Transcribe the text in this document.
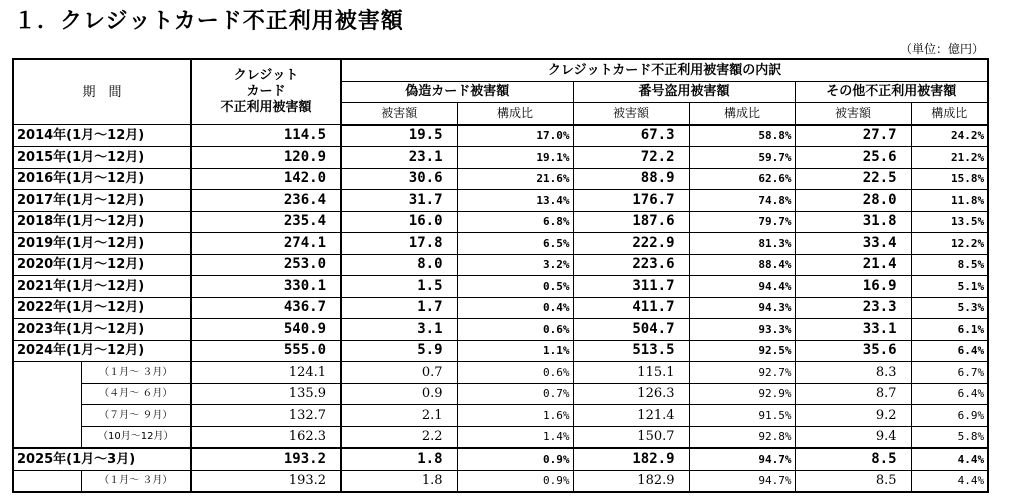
１．クレジットカード不正利用被害額
（単位：億円）
期　間		クレジット
カード
不正利用被害額	クレジットカード不正利用被害額の内訳					
			偽造カード被害額		番号盗用被害額		その他不正利用被害額	
			被害額	構成比	被害額	構成比	被害額	構成比
2014年(1月～12月)		114.5	19.5	17.0%	67.3	58.8%	27.7	24.2%
2015年(1月～12月)		120.9	23.1	19.1%	72.2	59.7%	25.6	21.2%
2016年(1月～12月)		142.0	30.6	21.6%	88.9	62.6%	22.5	15.8%
2017年(1月～12月)		236.4	31.7	13.4%	176.7	74.8%	28.0	11.8%
2018年(1月～12月)		235.4	16.0	6.8%	187.6	79.7%	31.8	13.5%
2019年(1月～12月)		274.1	17.8	6.5%	222.9	81.3%	33.4	12.2%
2020年(1月～12月)		253.0	8.0	3.2%	223.6	88.4%	21.4	8.5%
2021年(1月～12月)		330.1	1.5	0.5%	311.7	94.4%	16.9	5.1%
2022年(1月～12月)		436.7	1.7	0.4%	411.7	94.3%	23.3	5.3%
2023年(1月～12月)		540.9	3.1	0.6%	504.7	93.3%	33.1	6.1%
2024年(1月～12月)		555.0	5.9	1.1%	513.5	92.5%	35.6	6.4%
	（１月～ ３月）	124.1	0.7	0.6%	115.1	92.7%	8.3	6.7%
	（４月～ ６月）	135.9	0.9	0.7%	126.3	92.9%	8.7	6.4%
	（７月～ ９月）	132.7	2.1	1.6%	121.4	91.5%	9.2	6.9%
	（10月～12月）	162.3	2.2	1.4%	150.7	92.8%	9.4	5.8%
2025年(1月～3月)		193.2	1.8	0.9%	182.9	94.7%	8.5	4.4%
	（１月～ ３月）	193.2	1.8	0.9%	182.9	94.7%	8.5	4.4%
